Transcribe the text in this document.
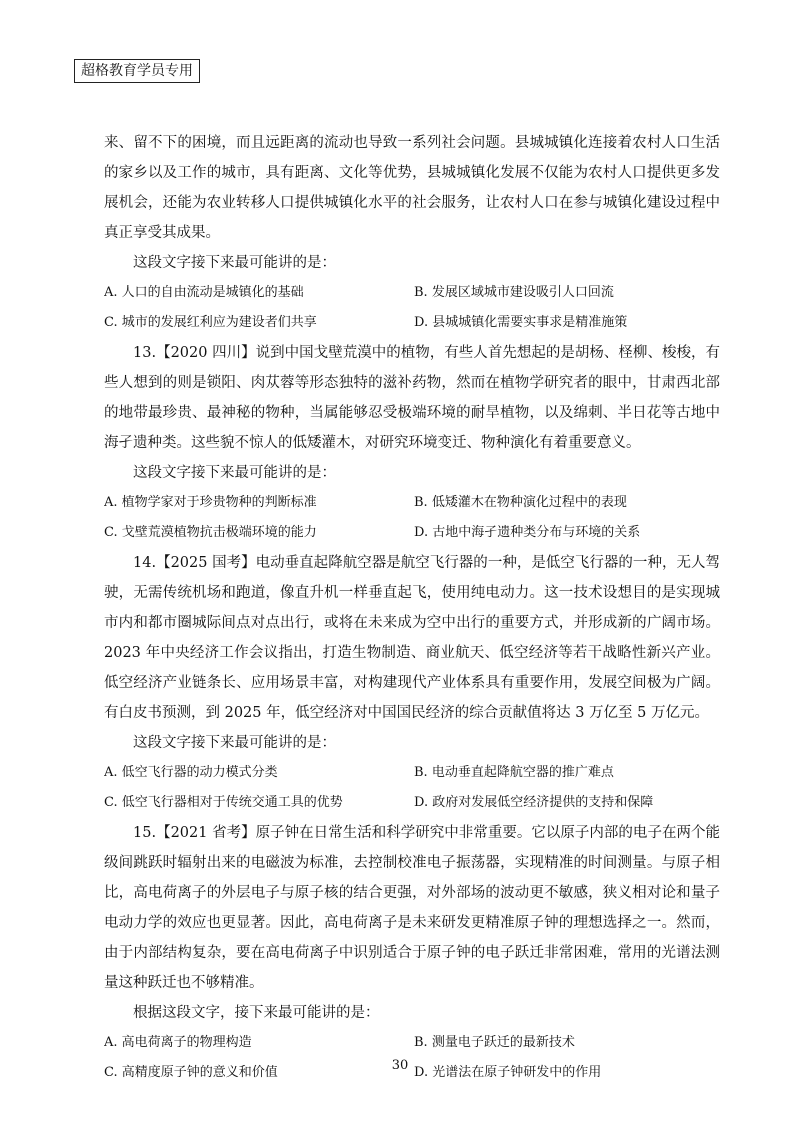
超格教育学员专用

来、留不下的困境，而且远距离的流动也导致一系列社会问题。县城城镇化连接着农村人口生活的家乡以及工作的城市，具有距离、文化等优势，县城城镇化发展不仅能为农村人口提供更多发展机会，还能为农业转移人口提供城镇化水平的社会服务，让农村人口在参与城镇化建设过程中真正享受其成果。

这段文字接下来最可能讲的是：

A. 人口的自由流动是城镇化的基础	B. 发展区域城市建设吸引人口回流
C. 城市的发展红利应为建设者们共享	D. 县城城镇化需要实事求是精准施策

13.【2020 四川】说到中国戈壁荒漠中的植物，有些人首先想起的是胡杨、柽柳、梭梭，有些人想到的则是锁阳、肉苁蓉等形态独特的滋补药物，然而在植物学研究者的眼中，甘肃西北部的地带最珍贵、最神秘的物种，当属能够忍受极端环境的耐旱植物，以及绵刺、半日花等古地中海孑遗种类。这些貌不惊人的低矮灌木，对研究环境变迁、物种演化有着重要意义。

这段文字接下来最可能讲的是：

A. 植物学家对于珍贵物种的判断标准	B. 低矮灌木在物种演化过程中的表现
C. 戈壁荒漠植物抗击极端环境的能力	D. 古地中海孑遗种类分布与环境的关系

14.【2025 国考】电动垂直起降航空器是航空飞行器的一种，是低空飞行器的一种，无人驾驶，无需传统机场和跑道，像直升机一样垂直起飞，使用纯电动力。这一技术设想目的是实现城市内和都市圈城际间点对点出行，或将在未来成为空中出行的重要方式，并形成新的广阔市场。2023 年中央经济工作会议指出，打造生物制造、商业航天、低空经济等若干战略性新兴产业。低空经济产业链条长、应用场景丰富，对构建现代产业体系具有重要作用，发展空间极为广阔。有白皮书预测，到 2025 年，低空经济对中国国民经济的综合贡献值将达 3 万亿至 5 万亿元。

这段文字接下来最可能讲的是：

A. 低空飞行器的动力模式分类	B. 电动垂直起降航空器的推广难点
C. 低空飞行器相对于传统交通工具的优势	D. 政府对发展低空经济提供的支持和保障

15.【2021 省考】原子钟在日常生活和科学研究中非常重要。它以原子内部的电子在两个能级间跳跃时辐射出来的电磁波为标准，去控制校准电子振荡器，实现精准的时间测量。与原子相比，高电荷离子的外层电子与原子核的结合更强，对外部场的波动更不敏感，狭义相对论和量子电动力学的效应也更显著。因此，高电荷离子是未来研发更精准原子钟的理想选择之一。然而，由于内部结构复杂，要在高电荷离子中识别适合于原子钟的电子跃迁非常困难，常用的光谱法测量这种跃迁也不够精准。

根据这段文字，接下来最可能讲的是：

A. 高电荷离子的物理构造	B. 测量电子跃迁的最新技术
C. 高精度原子钟的意义和价值	D. 光谱法在原子钟研发中的作用
30
